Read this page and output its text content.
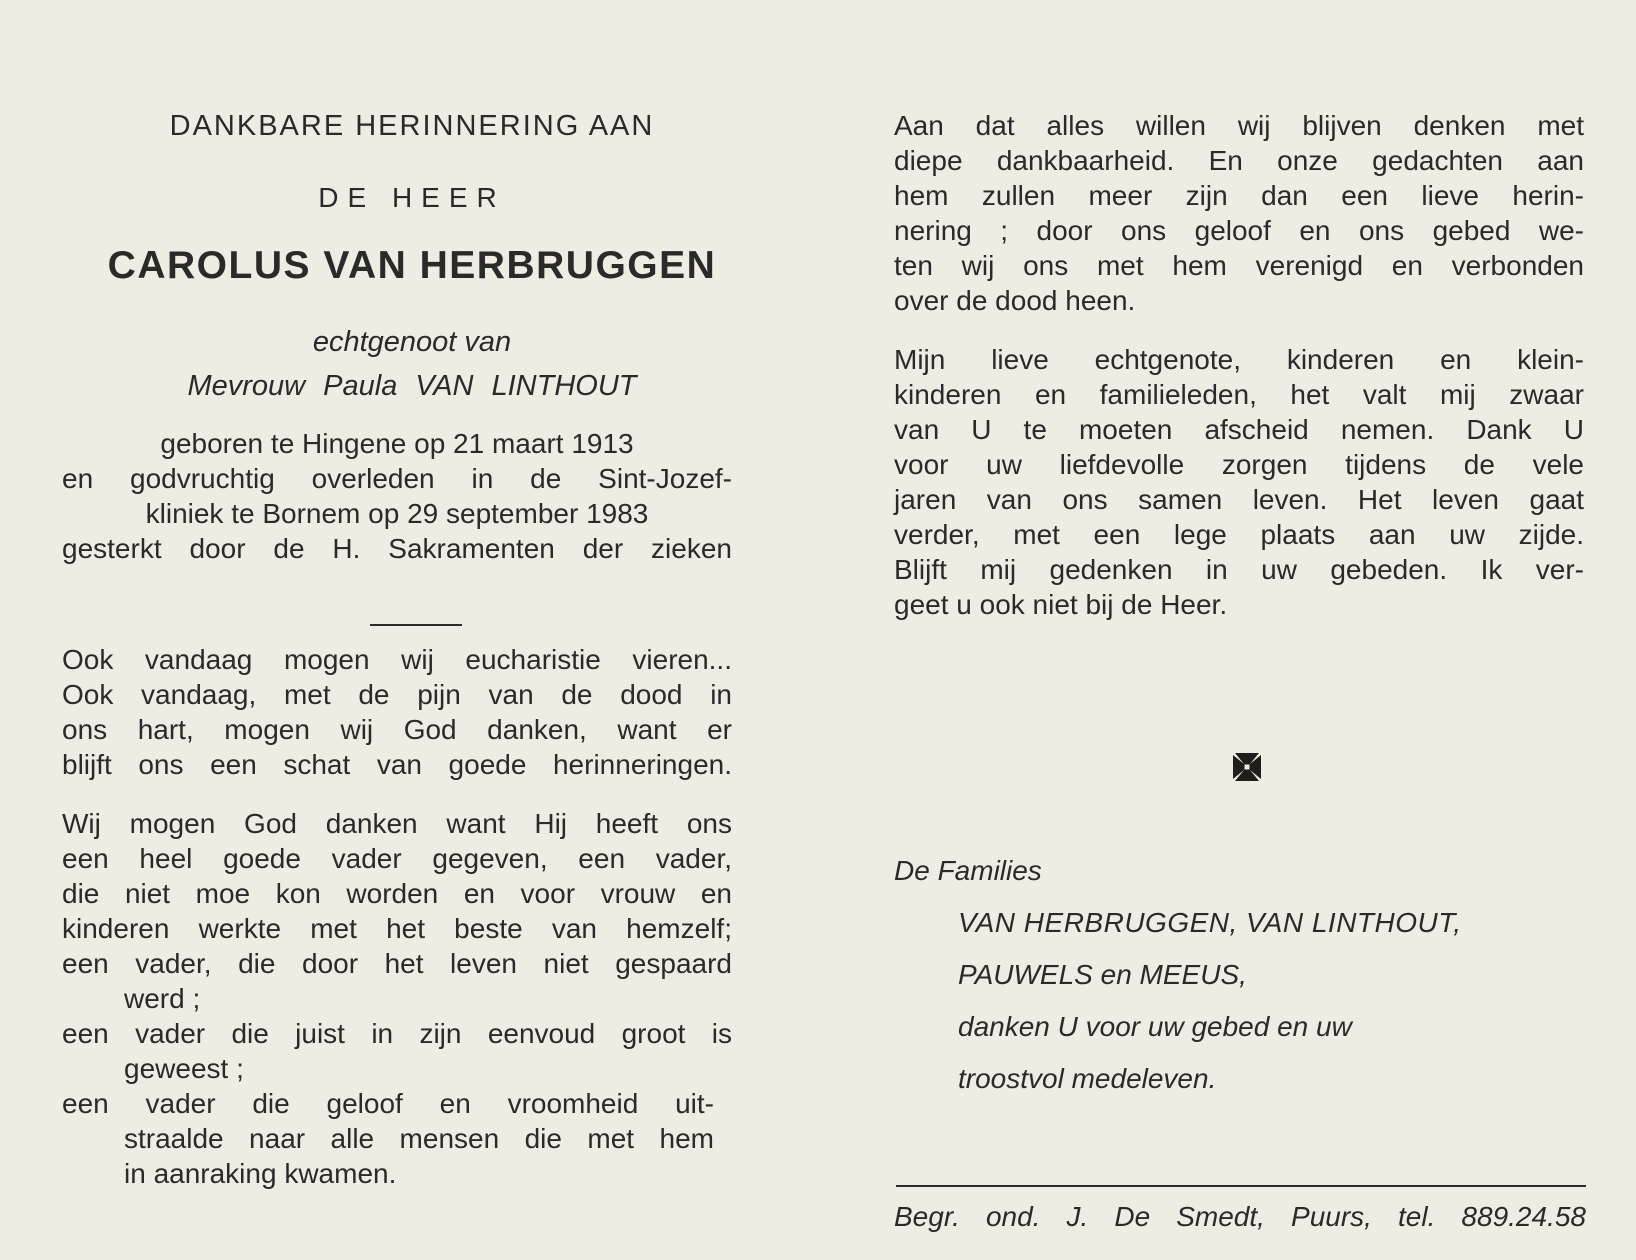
DANKBARE HERINNERING AAN
DE HEER
CAROLUS VAN HERBRUGGEN
echtgenoot van
Mevrouw Paula VAN LINTHOUT
geboren te Hingene op 21 maart 1913
en godvruchtig overleden in de Sint-Jozef-
kliniek te Bornem op 29 september 1983
gesterkt door de H. Sakramenten der zieken
Ook vandaag mogen wij eucharistie vieren...
Ook vandaag, met de pijn van de dood in
ons hart, mogen wij God danken, want er
blijft ons een schat van goede herinneringen.
Wij mogen God danken want Hij heeft ons
een heel goede vader gegeven, een vader,
die niet moe kon worden en voor vrouw en
kinderen werkte met het beste van hemzelf;
een vader, die door het leven niet gespaard
werd ;
een vader die juist in zijn eenvoud groot is
geweest ;
een vader die geloof en vroomheid uit-
straalde naar alle mensen die met hem
in aanraking kwamen.
Aan dat alles willen wij blijven denken met
diepe dankbaarheid. En onze gedachten aan
hem zullen meer zijn dan een lieve herin-
nering ; door ons geloof en ons gebed we-
ten wij ons met hem verenigd en verbonden
over de dood heen.
Mijn lieve echtgenote, kinderen en klein-
kinderen en familieleden, het valt mij zwaar
van U te moeten afscheid nemen. Dank U
voor uw liefdevolle zorgen tijdens de vele
jaren van ons samen leven. Het leven gaat
verder, met een lege plaats aan uw zijde.
Blijft mij gedenken in uw gebeden. Ik ver-
geet u ook niet bij de Heer.
De Families
VAN HERBRUGGEN, VAN LINTHOUT,
PAUWELS en MEEUS,
danken U voor uw gebed en uw
troostvol medeleven.
Begr. ond. J. De Smedt, Puurs, tel. 889.24.58
